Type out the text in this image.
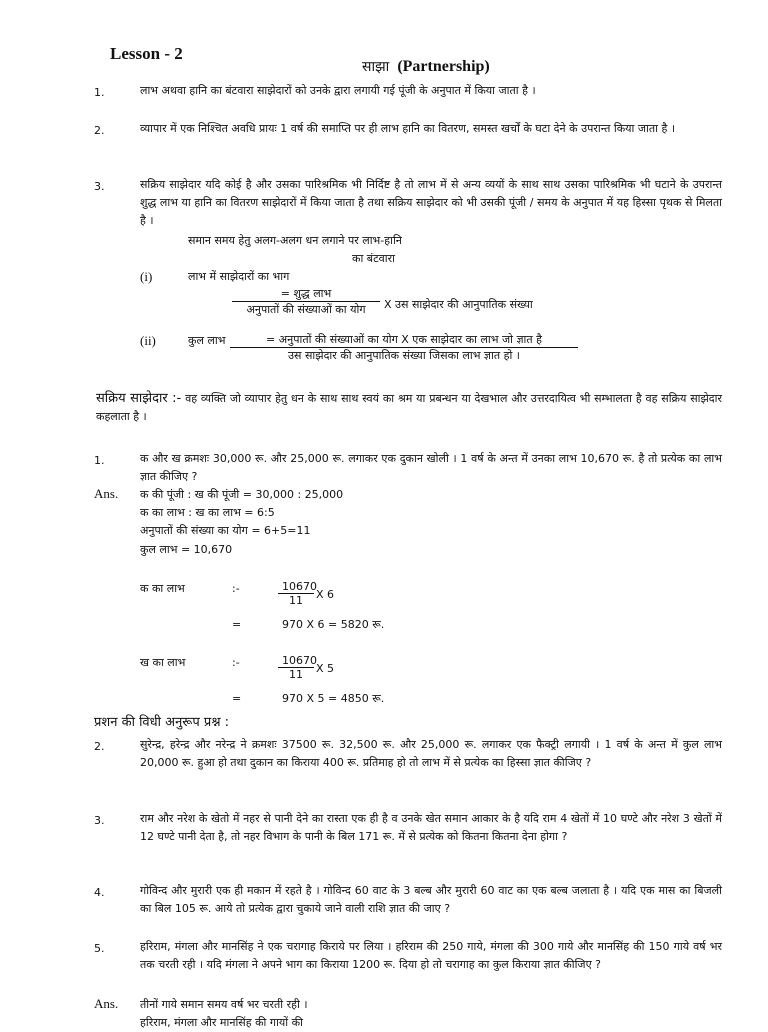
Lesson - 2
साझा (Partnership)
1.	लाभ अथवा हानि का बंटवारा साझेदारों को उनके द्वारा लगायी गई पूंजी के अनुपात में किया जाता है ।
2.	व्यापार में एक निश्चित अवधि प्रायः 1 वर्ष की समाप्ति पर ही लाभ हानि का वितरण, समस्त खर्चों के घटा देने के उपरान्त किया जाता है ।
3.	सक्रिय साझेदार यदि कोई है और उसका पारिश्रमिक भी निर्दिष्ट है तो लाभ में से अन्य व्ययों के साथ साथ उसका पारिश्रमिक भी घटाने के उपरान्त शुद्ध लाभ या हानि का वितरण साझेदारों में किया जाता है तथा सक्रिय साझेदार को भी उसकी पूंजी / समय के अनुपात में यह हिस्सा पृथक से मिलता है ।
समान समय हेतु अलग-अलग धन लगाने पर लाभ-हानि
का बंटवारा
(i)	लाभ में साझेदारों का भाग
= शुद्ध लाभ
अनुपातों की संख्याओं का योग	X उस साझेदार की आनुपातिक संख्या
(ii)	कुल लाभ	= अनुपातों की संख्याओं का योग X एक साझेदार का लाभ जो ज्ञात है
उस साझेदार की आनुपातिक संख्या जिसका लाभ ज्ञात हो ।
सक्रिय साझेदार :- वह व्यक्ति जो व्यापार हेतु धन के साथ साथ स्वयं का श्रम या प्रबन्धन या देखभाल और उत्तरदायित्व भी सम्भालता है वह सक्रिय साझेदार कहलाता है ।
1.	क और ख क्रमशः 30,000 रू. और 25,000 रू. लगाकर एक दुकान खोली । 1 वर्ष के अन्त में उनका लाभ 10,670 रू. है तो प्रत्येक का लाभ ज्ञात कीजिए ?
Ans. क की पूंजी : ख की पूंजी = 30,000 : 25,000
क का लाभ : ख का लाभ = 6:5
अनुपातों की संख्या का योग = 6+5=11
कुल लाभ = 10,670
क का लाभ	:-	$\frac{10670}{11}$ X 6
=	970 X 6 = 5820 रू.
ख का लाभ	:-	$\frac{10670}{11}$ X 5
=	970 X 5 = 4850 रू.
प्रशन की विधी अनुरूप प्रश्न :
2.	सुरेन्द्र, हरेन्द्र और नरेन्द्र ने क्रमशः 37500 रू. 32,500 रू. और 25,000 रू. लगाकर एक फैक्ट्री लगायी । 1 वर्ष के अन्त में कुल लाभ 20,000 रू. हुआ हो तथा दुकान का किराया 400 रू. प्रतिमाह हो तो लाभ में से प्रत्येक का हिस्सा ज्ञात कीजिए ?
3.	राम और नरेश के खेतो में नहर से पानी देने का रास्ता एक ही है व उनके खेत समान आकार के है यदि राम 4 खेतों में 10 घण्टे और नरेश 3 खेतों में 12 घण्टे पानी देता है, तो नहर विभाग के पानी के बिल 171 रू. में से प्रत्येक को कितना कितना देना होगा ?
4.	गोविन्द और मुरारी एक ही मकान में रहते है । गोविन्द 60 वाट के 3 बल्ब और मुरारी 60 वाट का एक बल्ब जलाता है । यदि एक मास का बिजली का बिल 105 रू. आये तो प्रत्येक द्वारा चुकाये जाने वाली राशि ज्ञात की जाए ?
5.	हरिराम, मंगला और मानसिंह ने एक चरागाह किराये पर लिया । हरिराम की 250 गाये, मंगला की 300 गाये और मानसिंह की 150 गाये वर्ष भर तक चरती रही । यदि मंगला ने अपने भाग का किराया 1200 रू. दिया हो तो चरागाह का कुल किराया ज्ञात कीजिए ?
Ans. तीनों गाये समान समय वर्ष भर चरती रही ।
हरिराम, मंगला और मानसिंह की गायों की
